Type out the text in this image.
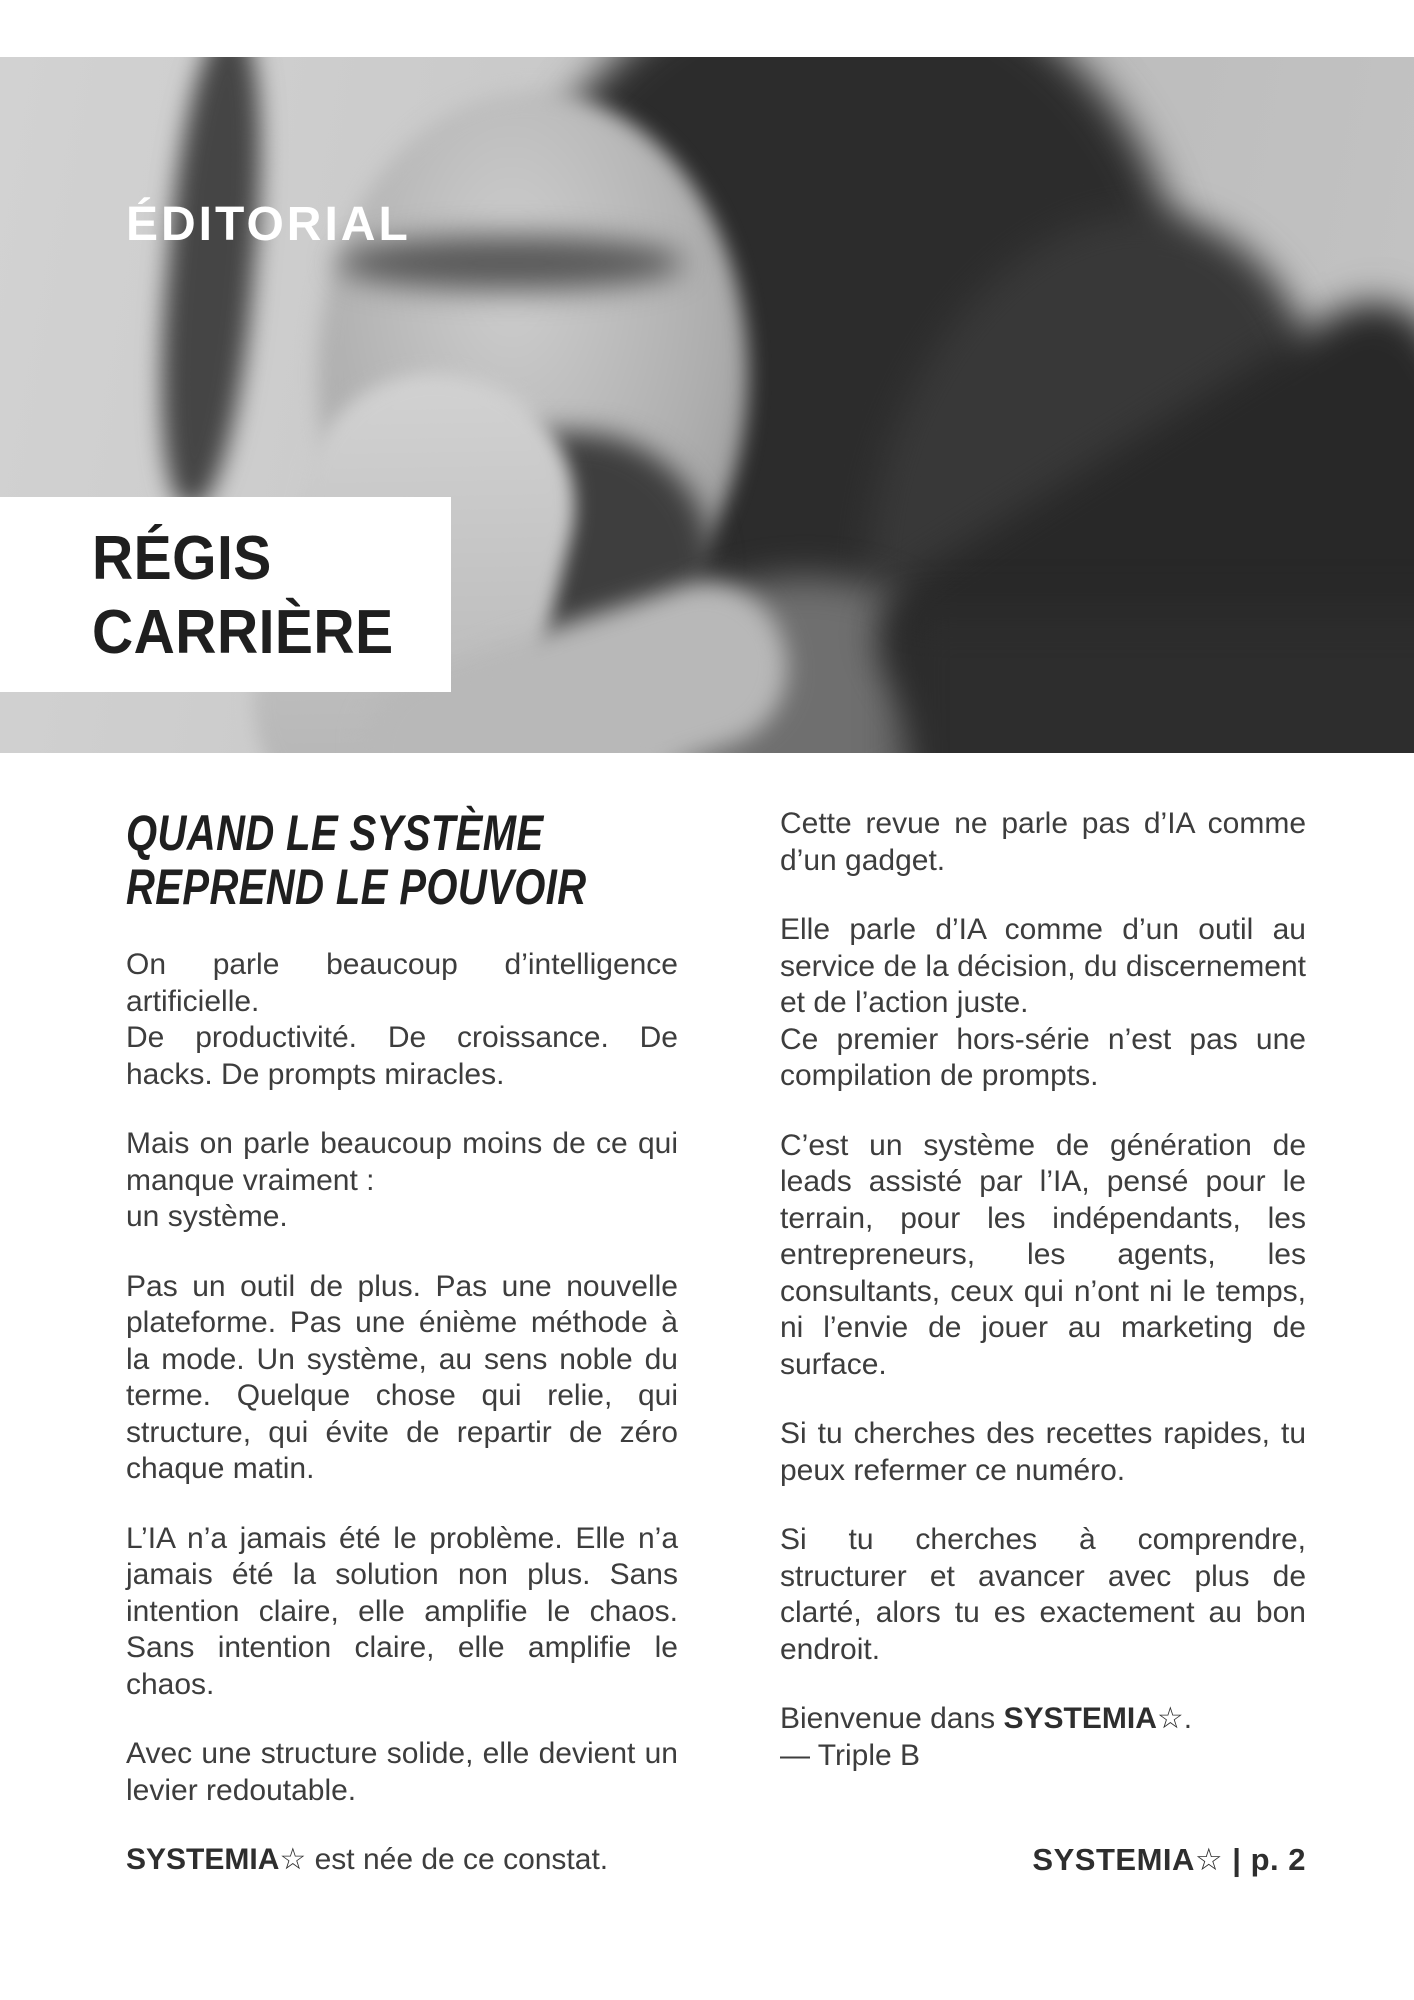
ÉDITORIAL
RÉGIS
CARRIÈRE
QUAND LE SYSTÈME
REPREND LE POUVOIR

On parle beaucoup d’intelligence artificielle.

De productivité. De croissance. De hacks. De prompts miracles.

Mais on parle beaucoup moins de ce qui manque vraiment :

un système.

Pas un outil de plus. Pas une nouvelle plateforme. Pas une énième méthode à la mode. Un système, au sens noble du terme. Quelque chose qui relie, qui structure, qui évite de repartir de zéro chaque matin.

L’IA n’a jamais été le problème. Elle n’a jamais été la solution non plus. Sans intention claire, elle amplifie le chaos. Sans intention claire, elle amplifie le chaos.

Avec une structure solide, elle devient un levier redoutable.

SYSTEMIA☆ est née de ce constat.

Cette revue ne parle pas d’IA comme d’un gadget.

Elle parle d’IA comme d’un outil au service de la décision, du discernement et de l’action juste.

Ce premier hors-série n’est pas une compilation de prompts.

C’est un système de génération de leads assisté par l’IA, pensé pour le terrain, pour les indépendants, les entrepreneurs, les agents, les consultants, ceux qui n’ont ni le temps, ni l’envie de jouer au marketing de surface.

Si tu cherches des recettes rapides, tu peux refermer ce numéro.

Si tu cherches à comprendre, structurer et avancer avec plus de clarté, alors tu es exactement au bon endroit.

Bienvenue dans SYSTEMIA☆.

— Triple B

SYSTEMIA☆ | p. 2
